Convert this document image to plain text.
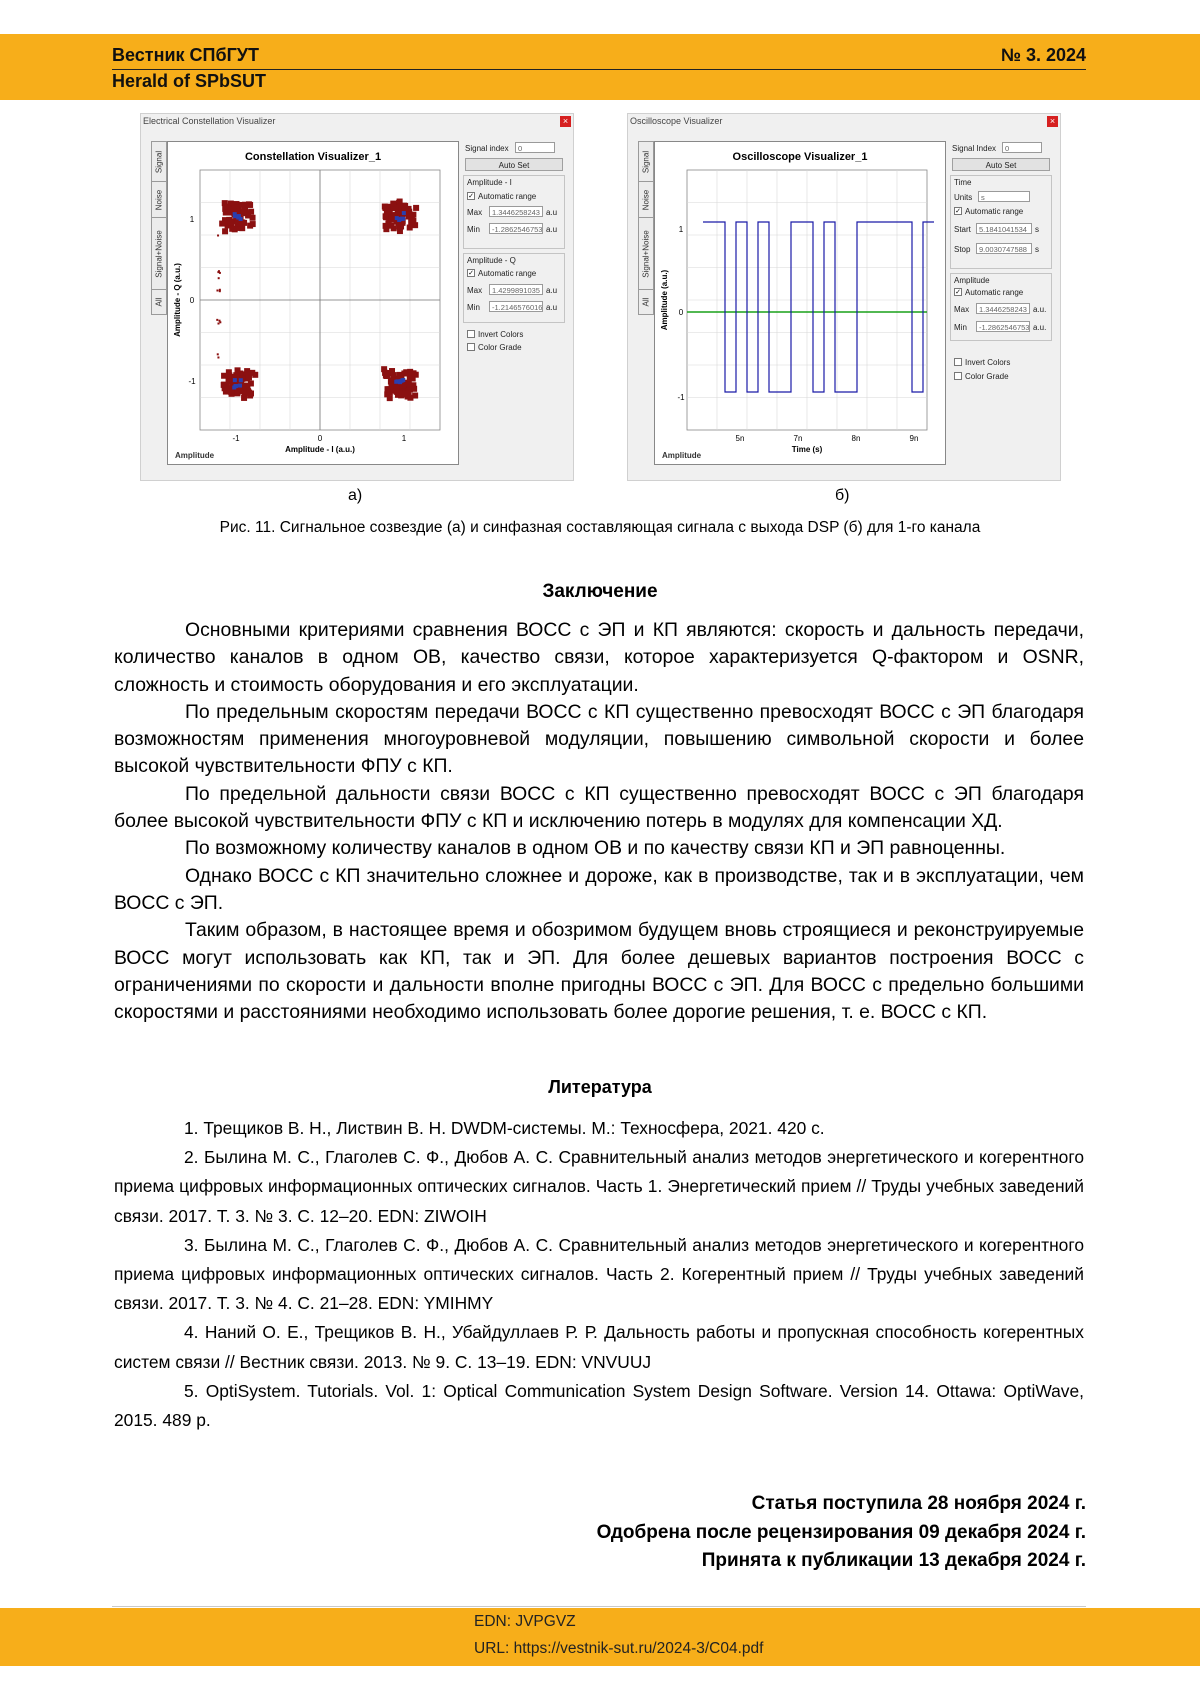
Вестник СПбГУТ
Herald of SPbSUT
№ 3. 2024
Electrical Constellation Visualizer	×
Signal
Noise
Signal+Noise
All
Constellation Visualizer_1
-1	0	1
1
0
-1
Amplitude - I (a.u.)
Amplitude - Q (a.u.)
Amplitude
Signal index	0
Auto Set
Amplitude - I
✓ Automatic range
Max	1.3446258243 a.u
Min	-1.2862546753 a.u
Amplitude - Q
✓ Automatic range
Max	1.4299891035 a.u
Min	-1.2146576016 a.u
Invert Colors
Color Grade
Oscilloscope Visualizer	×
Signal
Noise
Signal+Noise
All
Oscilloscope Visualizer_1
5n	7n	8n	9n
1
0
-1
Time (s)
Amplitude (a.u.)
Amplitude
Signal Index	0
Auto Set
Time
Units	s
✓ Automatic range
Start	5.1841041534	s
Stop	9.0030747588	s
Amplitude
✓ Automatic range
Max	1.3446258243 a.u.
Min	-1.2862546753 a.u.
Invert Colors
Color Grade
а)	б)
Рис. 11. Сигнальное созвездие (а) и синфазная составляющая сигнала с выхода DSP (б) для 1-го канала
Заключение

Основными критериями сравнения ВОСС с ЭП и КП являются: скорость и дальность передачи, количество каналов в одном ОВ, качество связи, которое характеризуется Q-фактором и OSNR, сложность и стоимость оборудования и его эксплуатации.

По предельным скоростям передачи ВОСС с КП существенно превосходят ВОСС с ЭП благодаря возможностям применения многоуровневой модуляции, повышению символьной скорости и более высокой чувствительности ФПУ с КП.

По предельной дальности связи ВОСС с КП существенно превосходят ВОСС с ЭП благодаря более высокой чувствительности ФПУ с КП и исключению потерь в модулях для компенсации ХД.

По возможному количеству каналов в одном ОВ и по качеству связи КП и ЭП равноценны.

Однако ВОСС с КП значительно сложнее и дороже, как в производстве, так и в эксплуатации, чем ВОСС с ЭП.

Таким образом, в настоящее время и обозримом будущем вновь строящиеся и реконструируемые ВОСС могут использовать как КП, так и ЭП. Для более дешевых вариантов построения ВОСС с ограничениями по скорости и дальности вполне пригодны ВОСС с ЭП. Для ВОСС с предельно большими скоростями и расстояниями необходимо использовать более дорогие решения, т. е. ВОСС с КП.

Литература

1. Трещиков В. Н., Листвин В. Н. DWDM-системы. М.: Техносфера, 2021. 420 с.

2. Былина М. С., Глаголев С. Ф., Дюбов А. С. Сравнительный анализ методов энергетического и когерентного приема цифровых информационных оптических сигналов. Часть 1. Энергетический прием // Труды учебных заведений связи. 2017. Т. 3. № 3. С. 12–20. EDN: ZIWOIH

3. Былина М. С., Глаголев С. Ф., Дюбов А. С. Сравнительный анализ методов энергетического и когерентного приема цифровых информационных оптических сигналов. Часть 2. Когерентный прием // Труды учебных заведений связи. 2017. Т. 3. № 4. С. 21–28. EDN: YMIHMY

4. Наний О. Е., Трещиков В. Н., Убайдуллаев Р. Р. Дальность работы и пропускная способность когерентных систем связи // Вестник связи. 2013. № 9. С. 13–19. EDN: VNVUUJ

5. OptiSystem. Tutorials. Vol. 1: Optical Communication System Design Software. Version 14. Ottawa: OptiWave, 2015. 489 p.

Статья поступила 28 ноября 2024 г.
Одобрена после рецензирования 09 декабря 2024 г.
Принята к публикации 13 декабря 2024 г.
EDN: JVPGVZ
URL: https://vestnik-sut.ru/2024-3/C04.pdf
